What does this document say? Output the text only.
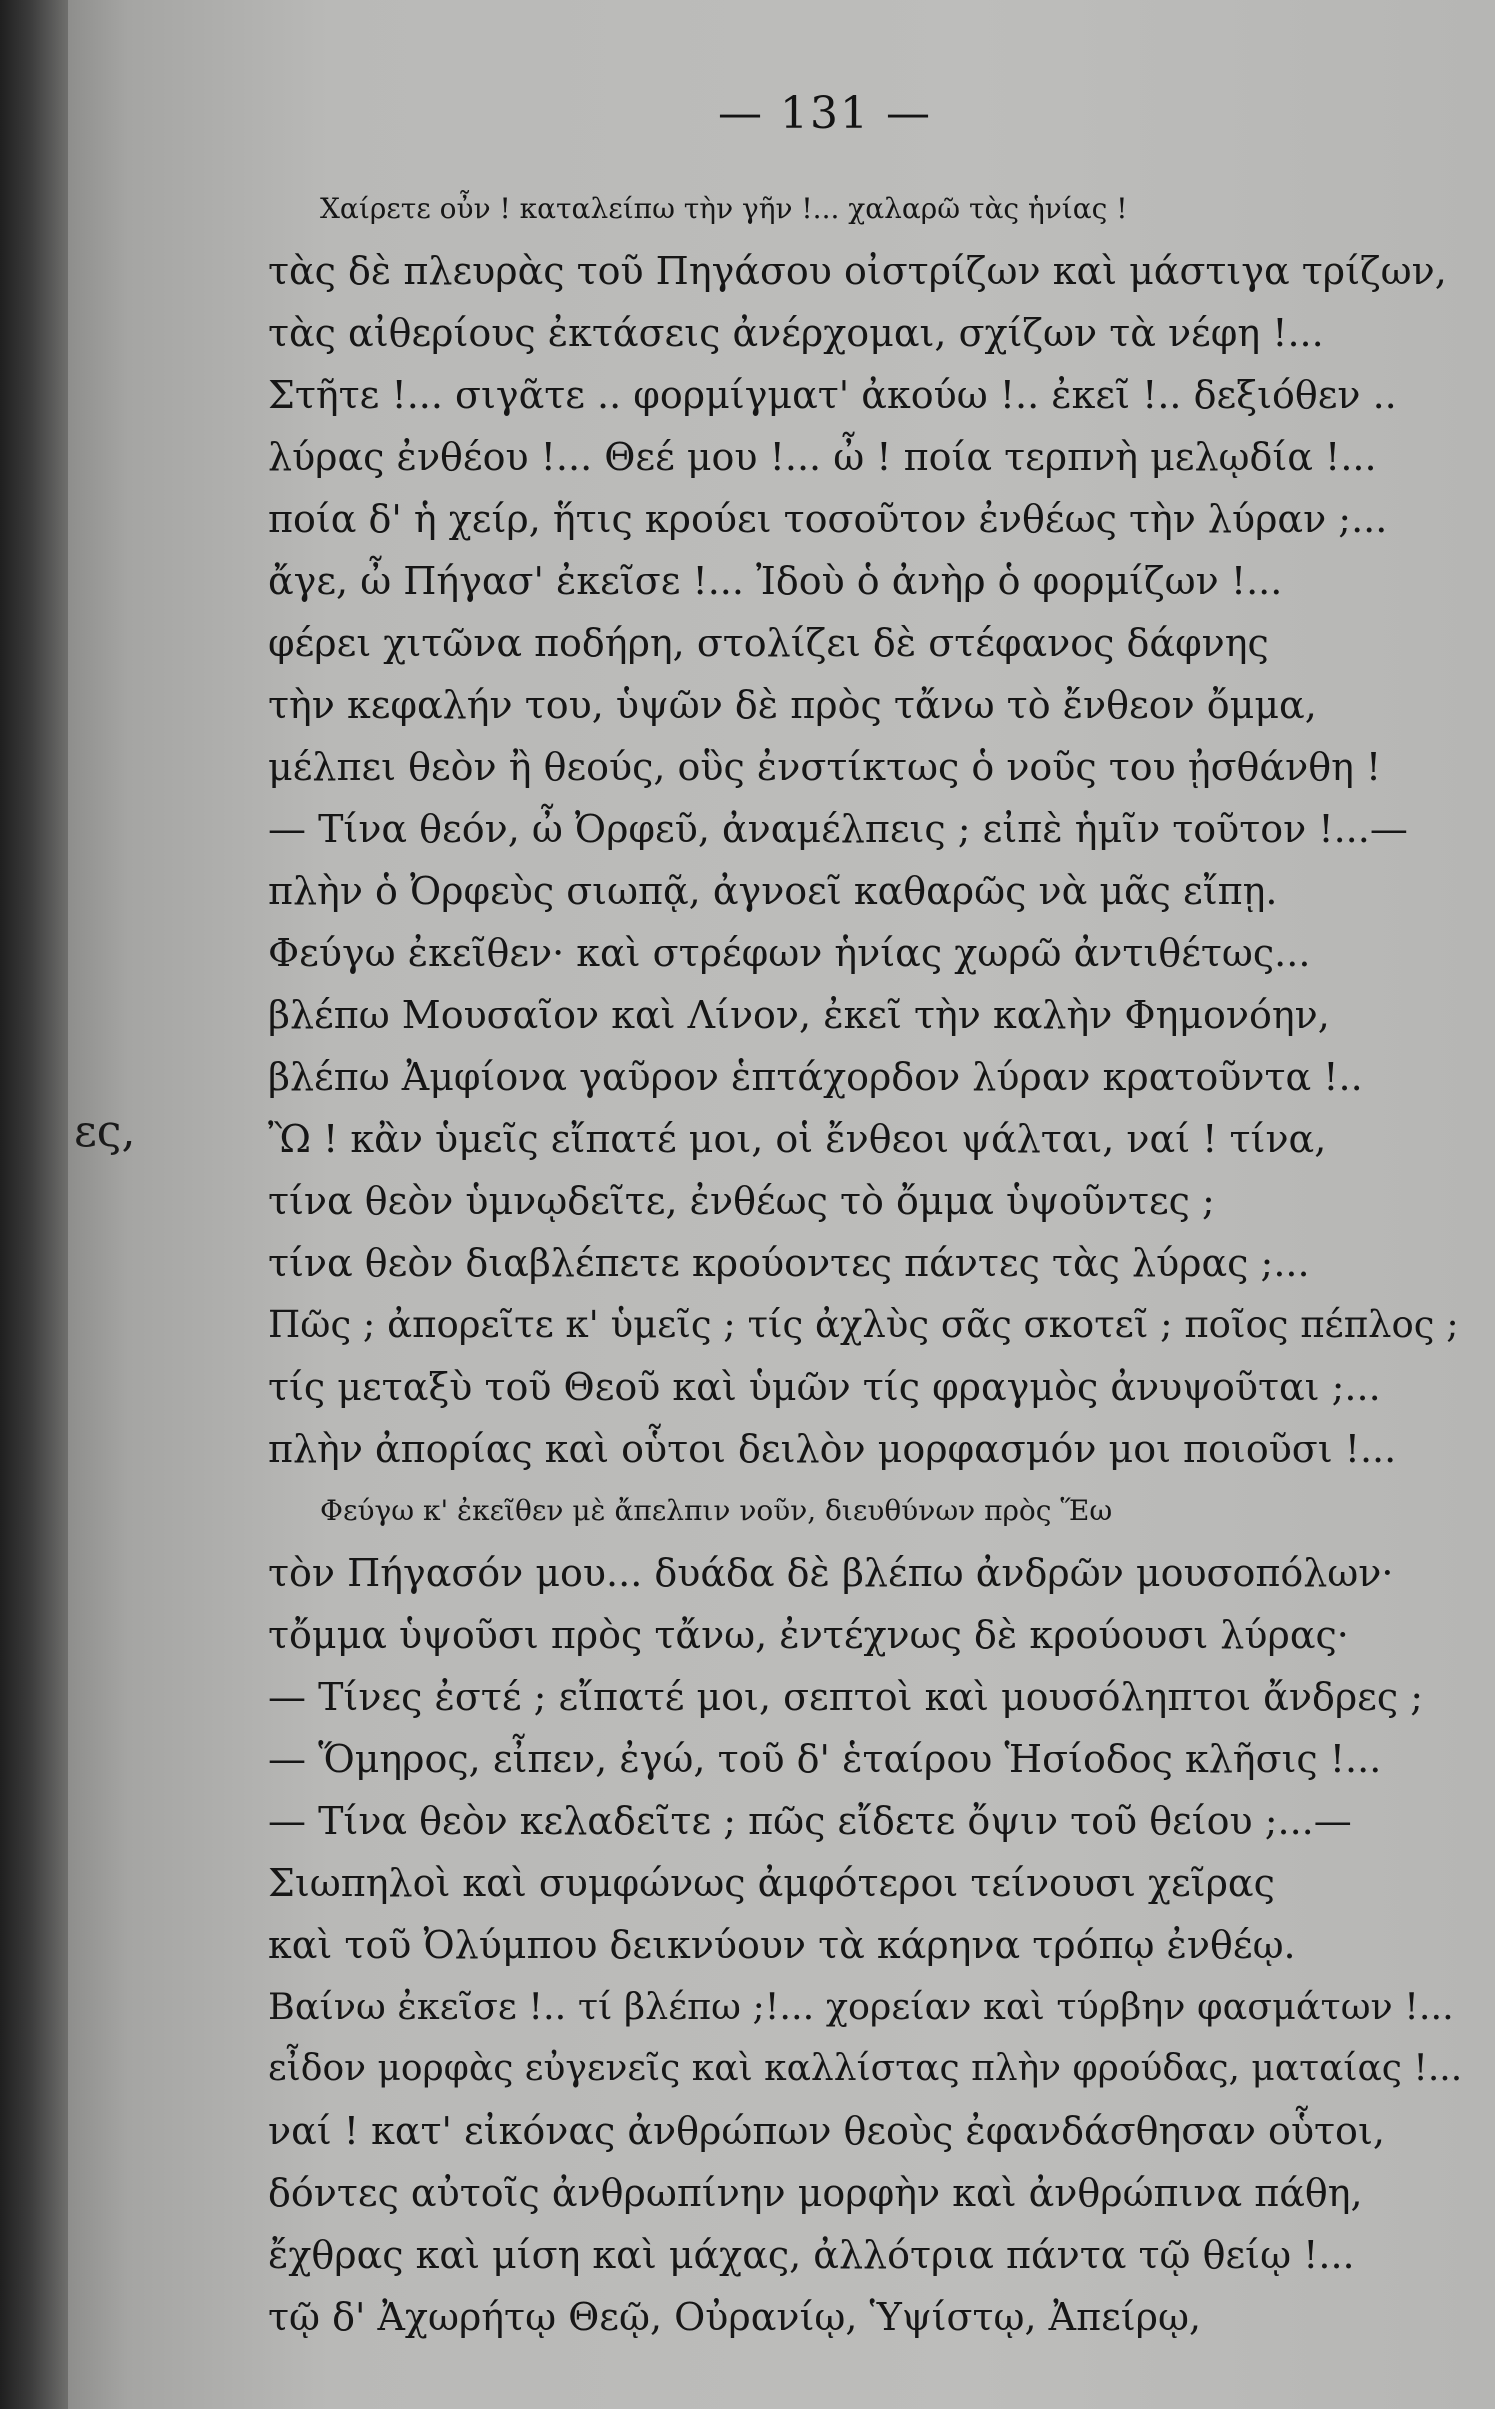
ες,
— 131 —
Χαίρετε οὖν ! καταλείπω τὴν γῆν !... χαλαρῶ τὰς ἡνίας !
τὰς δὲ πλευρὰς τοῦ Πηγάσου οἰστρίζων καὶ μάστιγα τρίζων,
τὰς αἰθερίους ἐκτάσεις ἀνέρχομαι, σχίζων τὰ νέφη !...
Στῆτε !... σιγᾶτε .. φορμίγματ' ἀκούω !.. ἐκεῖ !.. δεξιόθεν ..
λύρας ἐνθέου !... Θεέ μου !... ὦ ! ποία τερπνὴ μελῳδία !...
ποία δ' ἡ χείρ, ἥτις κρούει τοσοῦτον ἐνθέως τὴν λύραν ;...
ἄγε, ὦ Πήγασ' ἐκεῖσε !... Ἰδοὺ ὁ ἀνὴρ ὁ φορμίζων !...
φέρει χιτῶνα ποδήρη, στολίζει δὲ στέφανος δάφνης
τὴν κεφαλήν του, ὑψῶν δὲ πρὸς τἄνω τὸ ἔνθεον ὄμμα,
μέλπει θεὸν ἢ θεούς, οὓς ἐνστίκτως ὁ νοῦς του ᾐσθάνθη !
— Τίνα θεόν, ὦ Ὀρφεῦ, ἀναμέλπεις ; εἰπὲ ἡμῖν τοῦτον !...—
πλὴν ὁ Ὀρφεὺς σιωπᾷ, ἀγνοεῖ καθαρῶς νὰ μᾶς εἴπῃ.
Φεύγω ἐκεῖθεν· καὶ στρέφων ἡνίας χωρῶ ἀντιθέτως...
βλέπω Μουσαῖον καὶ Λίνον, ἐκεῖ τὴν καλὴν Φημονόην,
βλέπω Ἀμφίονα γαῦρον ἑπτάχορδον λύραν κρατοῦντα !..
Ὢ ! κἂν ὑμεῖς εἴπατέ μοι, οἱ ἔνθεοι ψάλται, ναί ! τίνα,
τίνα θεὸν ὑμνῳδεῖτε, ἐνθέως τὸ ὄμμα ὑψοῦντες ;
τίνα θεὸν διαβλέπετε κρούοντες πάντες τὰς λύρας ;...
Πῶς ; ἀπορεῖτε κ' ὑμεῖς ; τίς ἀχλὺς σᾶς σκοτεῖ ; ποῖος πέπλος ;
τίς μεταξὺ τοῦ Θεοῦ καὶ ὑμῶν τίς φραγμὸς ἀνυψοῦται ;...
πλὴν ἀπορίας καὶ οὗτοι δειλὸν μορφασμόν μοι ποιοῦσι !...
Φεύγω κ' ἐκεῖθεν μὲ ἄπελπιν νοῦν, διευθύνων πρὸς Ἕω
τὸν Πήγασόν μου... δυάδα δὲ βλέπω ἀνδρῶν μουσοπόλων·
τὄμμα ὑψοῦσι πρὸς τἄνω, ἐντέχνως δὲ κρούουσι λύρας·
— Τίνες ἐστέ ; εἴπατέ μοι, σεπτοὶ καὶ μουσόληπτοι ἄνδρες ;
— Ὅμηρος, εἶπεν, ἐγώ, τοῦ δ' ἑταίρου Ἡσίοδος κλῆσις !...
— Τίνα θεὸν κελαδεῖτε ; πῶς εἴδετε ὄψιν τοῦ θείου ;...—
Σιωπηλοὶ καὶ συμφώνως ἀμφότεροι τείνουσι χεῖρας
καὶ τοῦ Ὀλύμπου δεικνύουν τὰ κάρηνα τρόπῳ ἐνθέῳ.
Βαίνω ἐκεῖσε !.. τί βλέπω ;!... χορείαν καὶ τύρβην φασμάτων !...
εἶδον μορφὰς εὐγενεῖς καὶ καλλίστας πλὴν φρούδας, ματαίας !...
ναί ! κατ' εἰκόνας ἀνθρώπων θεοὺς ἐφανδάσθησαν οὗτοι,
δόντες αὐτοῖς ἀνθρωπίνην μορφὴν καὶ ἀνθρώπινα πάθη,
ἔχθρας καὶ μίση καὶ μάχας, ἀλλότρια πάντα τῷ θείῳ !...
τῷ δ' Ἀχωρήτῳ Θεῷ, Οὐρανίῳ, Ὑψίστῳ, Ἀπείρῳ,
